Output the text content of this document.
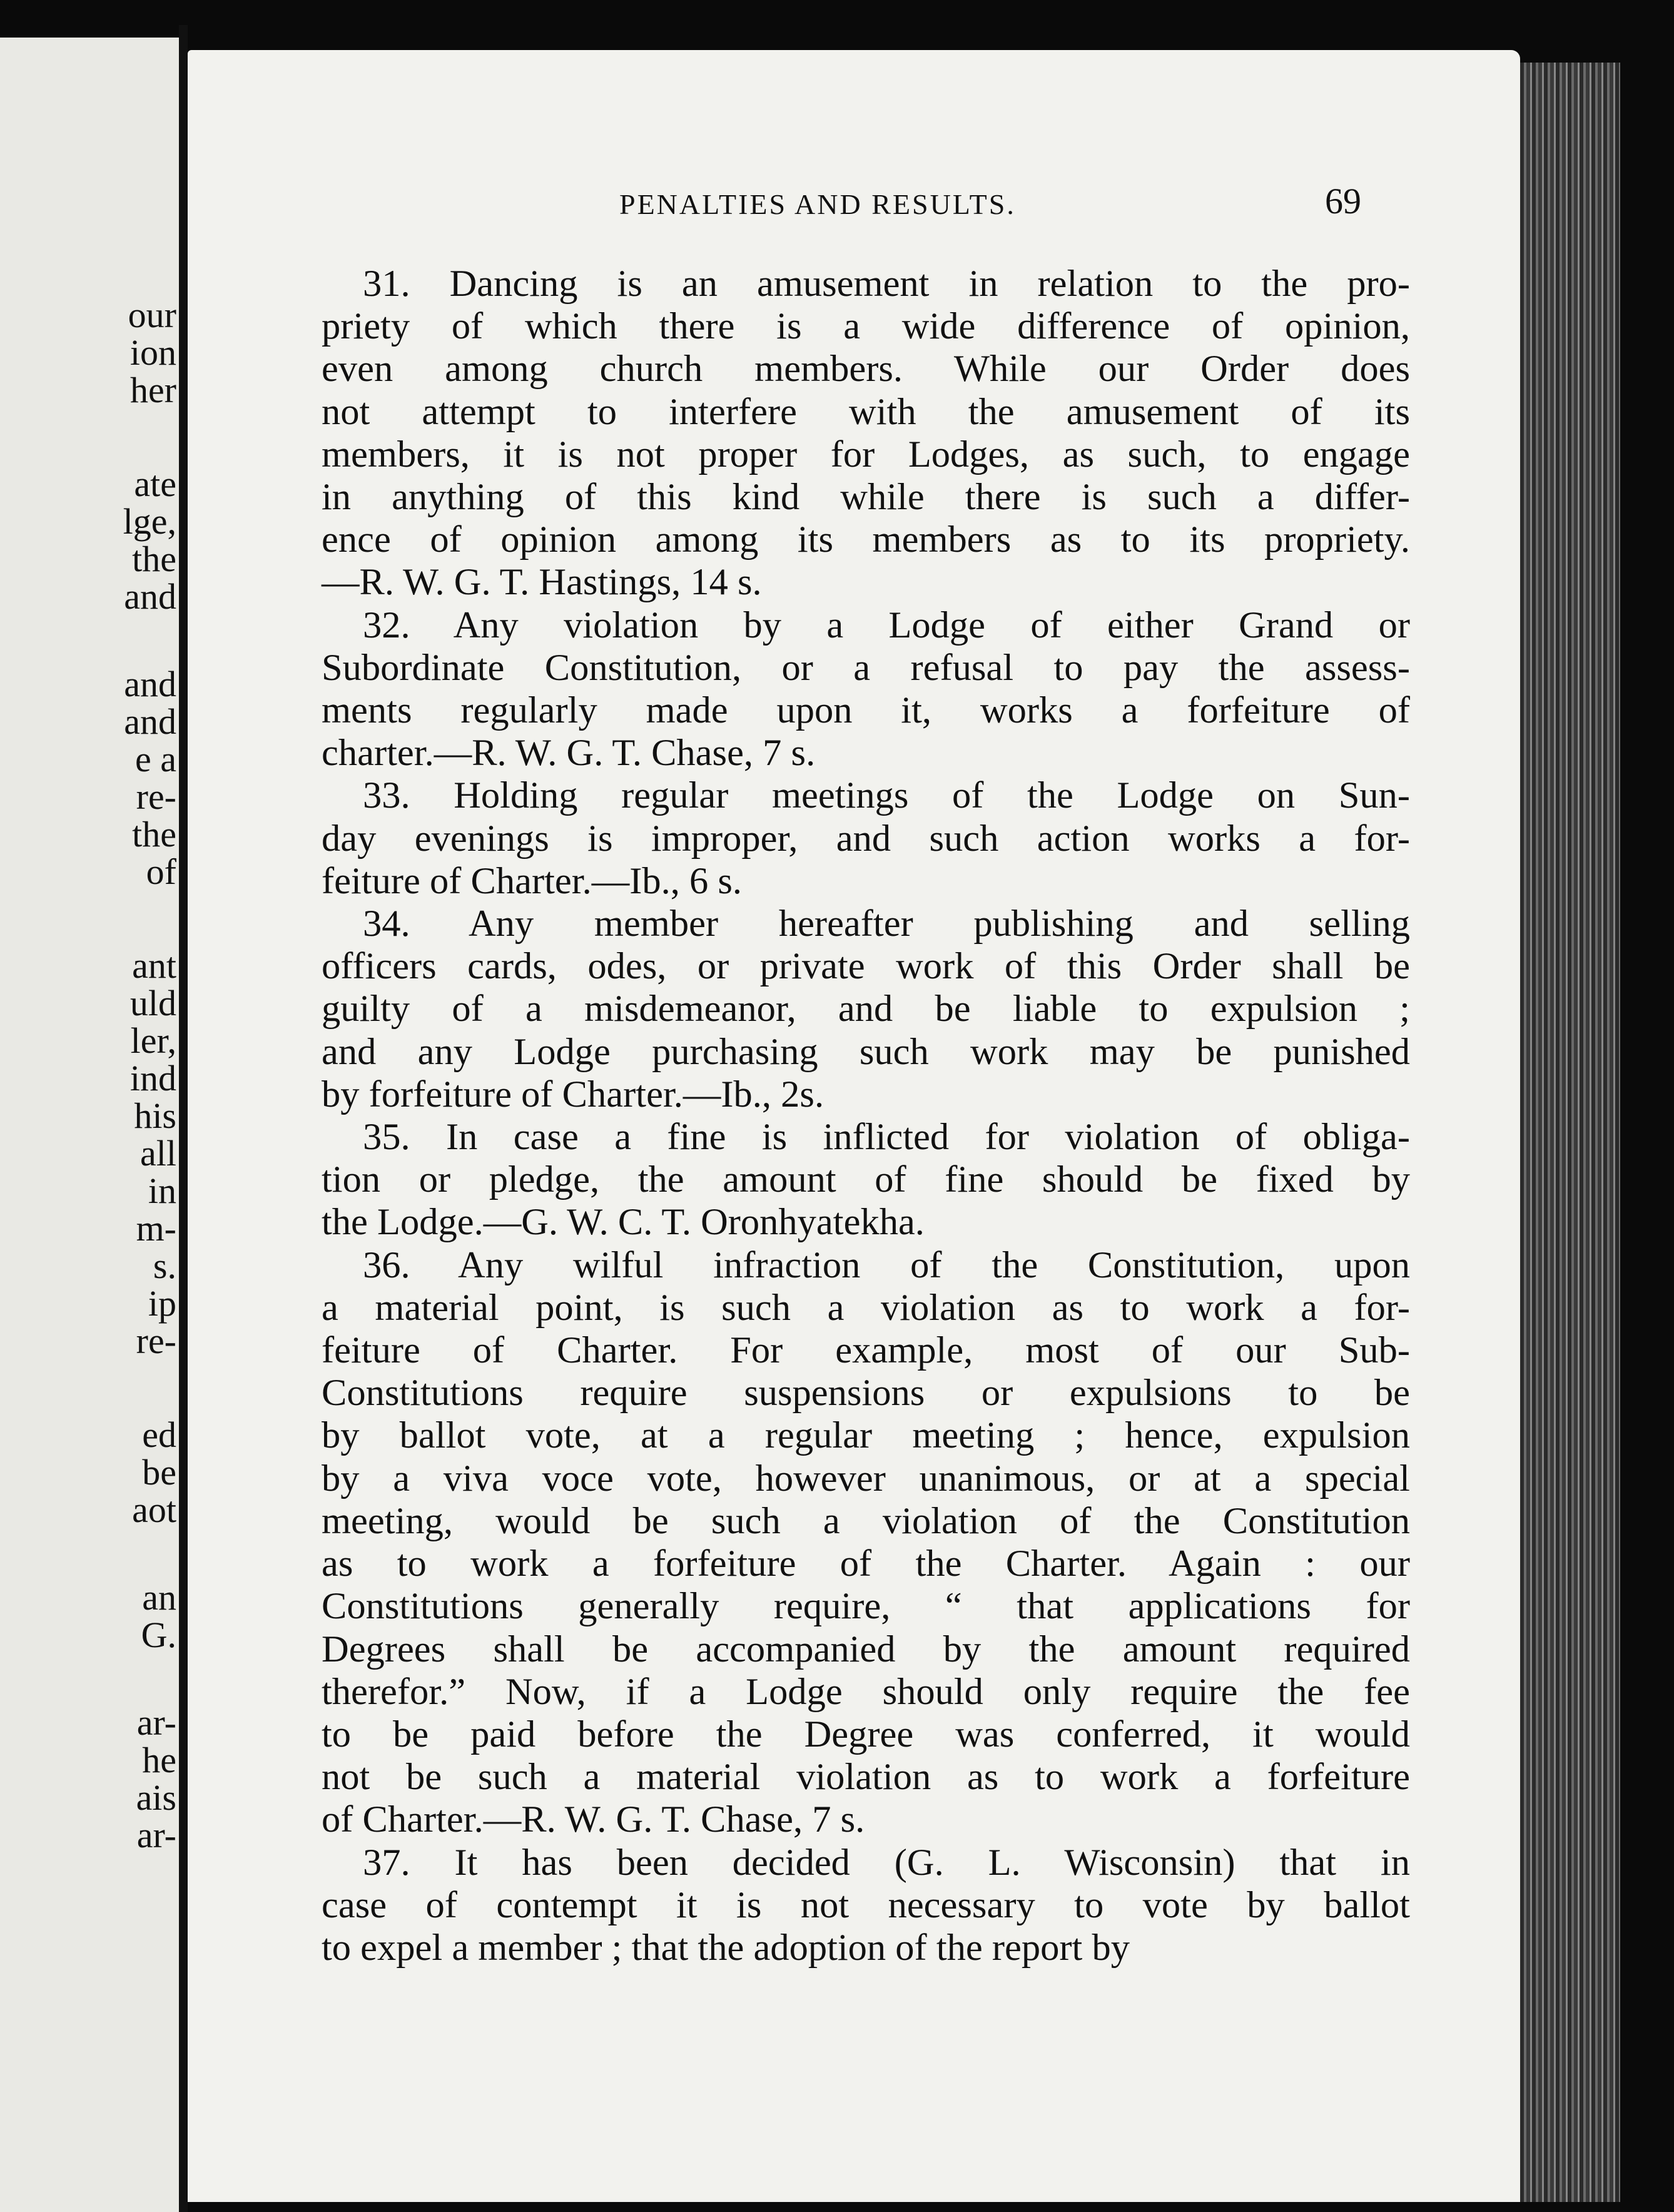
our
ion
her
ate
lge,
the
and
and
and
e a
re-
the
of
ant
uld
ler,
ind
his
all
in
m-
s.
ip
re-
ed
be
aot
an
G.
ar-
he
ais
ar-
PENALTIES AND RESULTS.	69
31. Dancing is an amusement in relation to the pro-
priety of which there is a wide difference of opinion,
even among church members. While our Order does
not attempt to interfere with the amusement of its
members, it is not proper for Lodges, as such, to engage
in anything of this kind while there is such a differ-
ence of opinion among its members as to its propriety.
—R. W. G. T. Hastings, 14 s.
32. Any violation by a Lodge of either Grand or
Subordinate Constitution, or a refusal to pay the assess-
ments regularly made upon it, works a forfeiture of
charter.—R. W. G. T. Chase, 7 s.
33. Holding regular meetings of the Lodge on Sun-
day evenings is improper, and such action works a for-
feiture of Charter.—Ib., 6 s.
34. Any member hereafter publishing and selling
officers cards, odes, or private work of this Order shall be
guilty of a misdemeanor, and be liable to expulsion ;
and any Lodge purchasing such work may be punished
by forfeiture of Charter.—Ib., 2s.
35. In case a fine is inflicted for violation of obliga-
tion or pledge, the amount of fine should be fixed by
the Lodge.—G. W. C. T. Oronhyatekha.
36. Any wilful infraction of the Constitution, upon
a material point, is such a violation as to work a for-
feiture of Charter. For example, most of our Sub-
Constitutions require suspensions or expulsions to be
by ballot vote, at a regular meeting ; hence, expulsion
by a viva voce vote, however unanimous, or at a special
meeting, would be such a violation of the Constitution
as to work a forfeiture of the Charter. Again : our
Constitutions generally require, “ that applications for
Degrees shall be accompanied by the amount required
therefor.” Now, if a Lodge should only require the fee
to be paid before the Degree was conferred, it would
not be such a material violation as to work a forfeiture
of Charter.—R. W. G. T. Chase, 7 s.
37. It has been decided (G. L. Wisconsin) that in
case of contempt it is not necessary to vote by ballot
to expel a member ; that the adoption of the report by
